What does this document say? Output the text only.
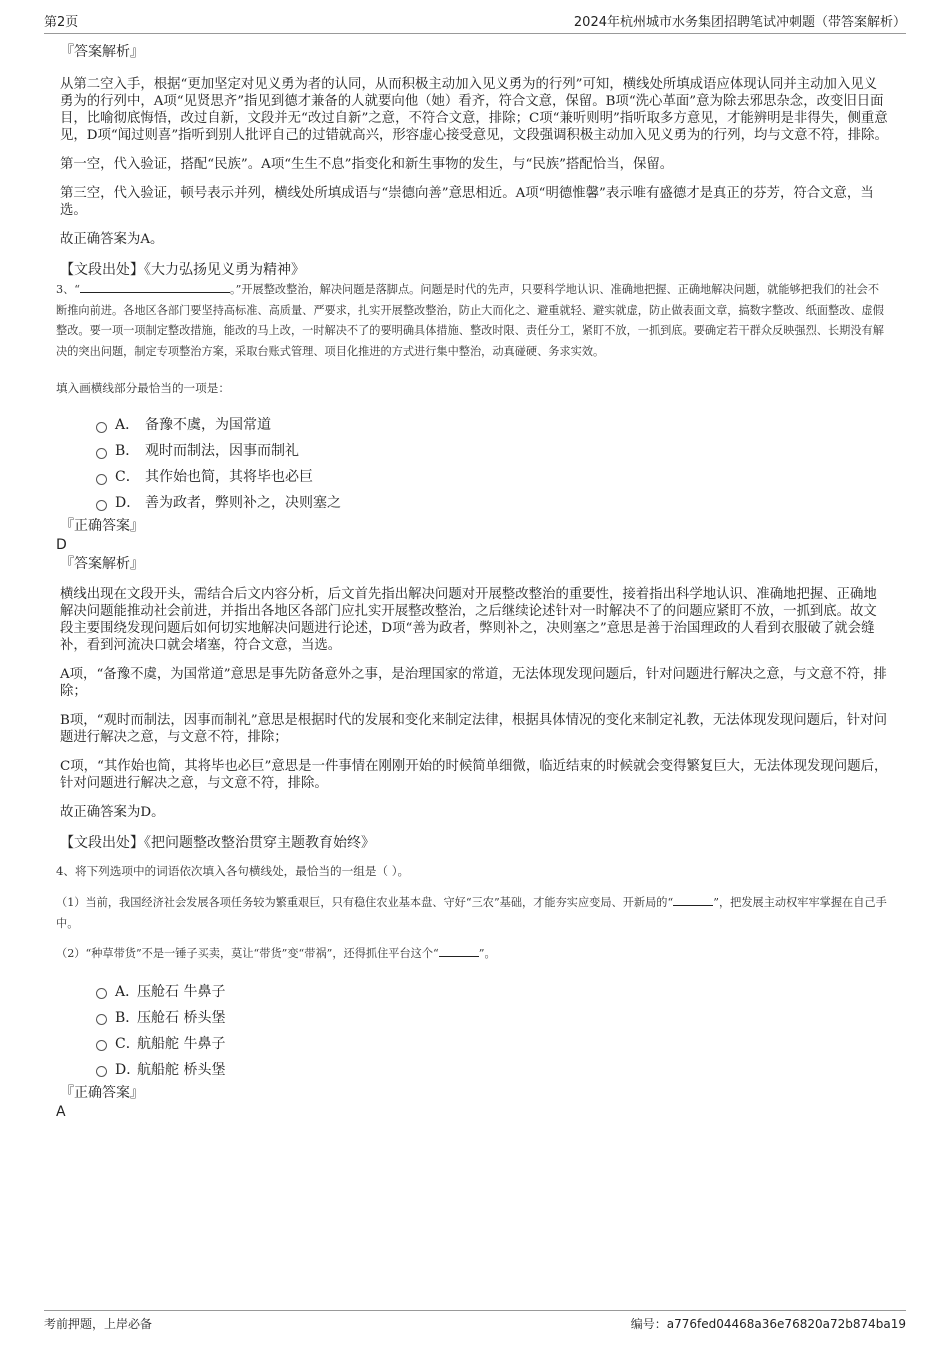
第2页	2024年杭州城市水务集团招聘笔试冲刺题（带答案解析）
『答案解析』
从第二空入手，根据“更加坚定对见义勇为者的认同，从而积极主动加入见义勇为的行列”可知，横线处所填成语应体现认同并主动加入见义勇为的行列中，A项“见贤思齐”指见到德才兼备的人就要向他（她）看齐，符合文意，保留。B项“洗心革面”意为除去邪思杂念，改变旧日面目，比喻彻底悔悟，改过自新，文段并无“改过自新”之意，不符合文意，排除；C项“兼听则明”指听取多方意见，才能辨明是非得失，侧重意见，D项“闻过则喜”指听到别人批评自己的过错就高兴，形容虚心接受意见，文段强调积极主动加入见义勇为的行列，均与文意不符，排除。
第一空，代入验证，搭配“民族”。A项“生生不息”指变化和新生事物的发生，与“民族”搭配恰当，保留。
第三空，代入验证，顿号表示并列，横线处所填成语与“崇德向善”意思相近。A项“明德惟馨”表示唯有盛德才是真正的芬芳，符合文意，当选。
故正确答案为A。
【文段出处】《大力弘扬见义勇为精神》
3、“	。”开展整改整治，解决问题是落脚点。问题是时代的先声，只要科学地认识、准确地把握、正确地解决问题，就能够把我们的社会不断推向前进。各地区各部门要坚持高标准、高质量、严要求，扎实开展整改整治，防止大而化之、避重就轻、避实就虚，防止做表面文章，搞数字整改、纸面整改、虚假整改。要一项一项制定整改措施，能改的马上改，一时解决不了的要明确具体措施、整改时限、责任分工，紧盯不放，一抓到底。要确定若干群众反映强烈、长期没有解决的突出问题，制定专项整治方案，采取台账式管理、项目化推进的方式进行集中整治，动真碰硬、务求实效。
填入画横线部分最恰当的一项是：
A． 备豫不虞，为国常道
B． 观时而制法，因事而制礼
C． 其作始也简，其将毕也必巨
D． 善为政者，弊则补之，决则塞之
『正确答案』
D
『答案解析』
横线出现在文段开头，需结合后文内容分析，后文首先指出解决问题对开展整改整治的重要性，接着指出科学地认识、准确地把握、正确地解决问题能推动社会前进，并指出各地区各部门应扎实开展整改整治，之后继续论述针对一时解决不了的问题应紧盯不放，一抓到底。故文段主要围绕发现问题后如何切实地解决问题进行论述，D项“善为政者，弊则补之，决则塞之”意思是善于治国理政的人看到衣服破了就会缝补，看到河流决口就会堵塞，符合文意，当选。
A项，“备豫不虞，为国常道”意思是事先防备意外之事，是治理国家的常道，无法体现发现问题后，针对问题进行解决之意，与文意不符，排除；
B项，“观时而制法，因事而制礼”意思是根据时代的发展和变化来制定法律，根据具体情况的变化来制定礼教，无法体现发现问题后，针对问题进行解决之意，与文意不符，排除；
C项，“其作始也简，其将毕也必巨”意思是一件事情在刚刚开始的时候简单细微，临近结束的时候就会变得繁复巨大，无法体现发现问题后，针对问题进行解决之意，与文意不符，排除。
故正确答案为D。
【文段出处】《把问题整改整治贯穿主题教育始终》
4、将下列选项中的词语依次填入各句横线处，最恰当的一组是（ ）。
（1）当前，我国经济社会发展各项任务较为繁重艰巨，只有稳住农业基本盘、守好“三农”基础，才能夯实应变局、开新局的“	”，把发展主动权牢牢掌握在自己手中。
（2）“种草带货”不是一锤子买卖，莫让“带货”变“带祸”，还得抓住平台这个“	”。
A．
压舱石 牛鼻子
B．
压舱石 桥头堡
C．
航船舵 牛鼻子
D．
航船舵 桥头堡
『正确答案』
A
考前押题，上岸必备	编号：a776fed04468a36e76820a72b874ba19
